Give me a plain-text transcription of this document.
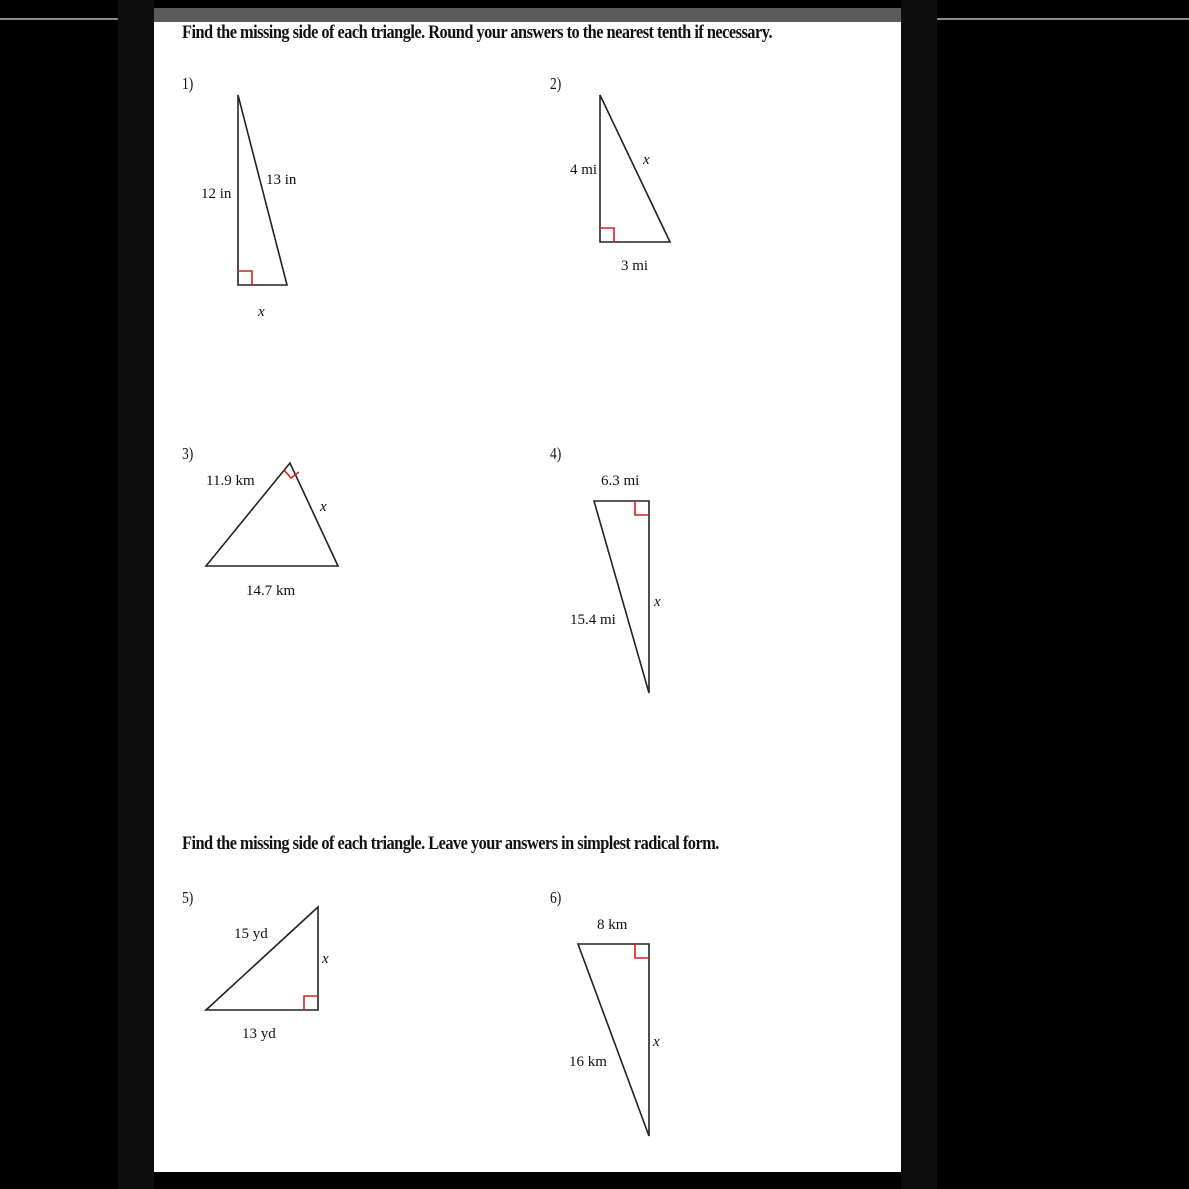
Find the missing side of each triangle. Round your answers to the nearest tenth if necessary.
Find the missing side of each triangle. Leave your answers in simplest radical form.
1)	2)
3)	4)
5)	6)
12 in
13 in
x
4 mi
x
3 mi
11.9 km
x
14.7 km
6.3 mi
15.4 mi
x
15 yd
x
13 yd
8 km
16 km
x
